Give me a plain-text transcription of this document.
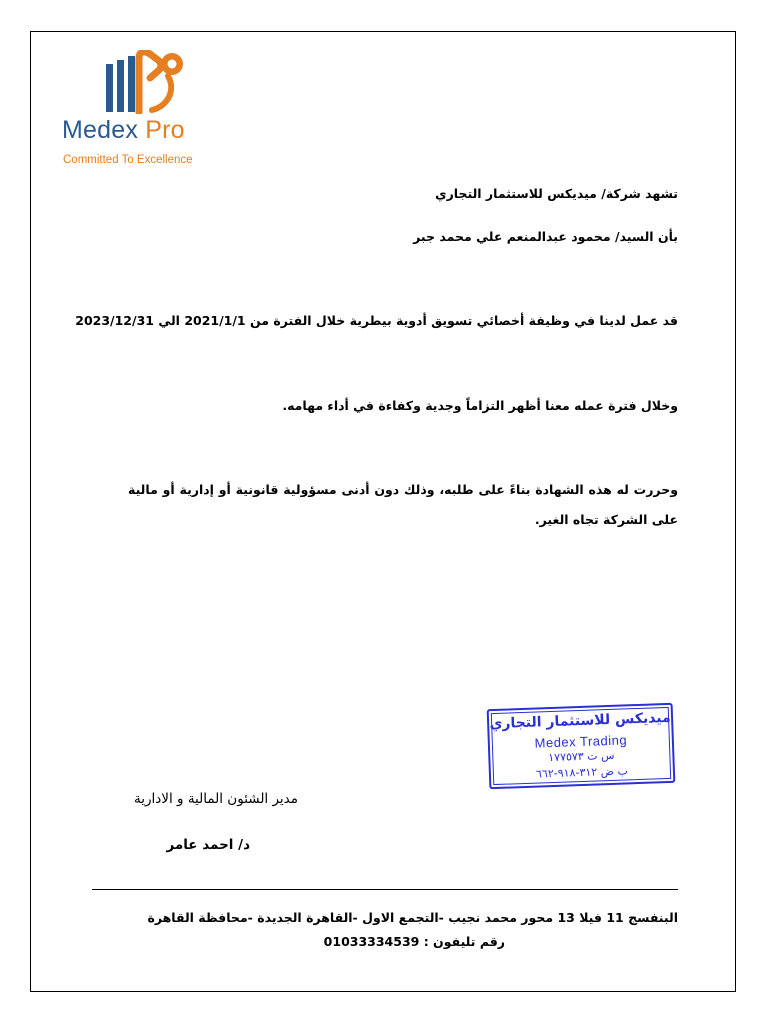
Medex Pro
Committed To Excellence
تشهد شركة/ ميديكس للاستثمار التجاري
بأن السيد/ محمود عبدالمنعم علي محمد جبر
قد عمل لدينا في وظيفة أخصائي تسويق أدوية بيطرية خلال الفترة من 2021/1/1 الي 2023/12/31
وخلال فترة عمله معنا أظهر التزاماً وجدية وكفاءة في أداء مهامه.
وحررت له هذه الشهادة بناءً على طلبه، وذلك دون أدنى مسؤولية قانونية أو إدارية أو مالية على الشركة تجاه الغير.
ميديكس للاستثمار التجاري
Medex Trading
س ت ١٧٧٥٧٣
ب ض ٣١٢-٩١٨-٦٦٢
مدير الشئون المالية و الادارية
د/ احمد عامر
البنفسج 11 فيلا 13 محور محمد نجيب -التجمع الاول -القاهرة الجديدة -محافظة القاهرة
رقم تليفون : 01033334539
